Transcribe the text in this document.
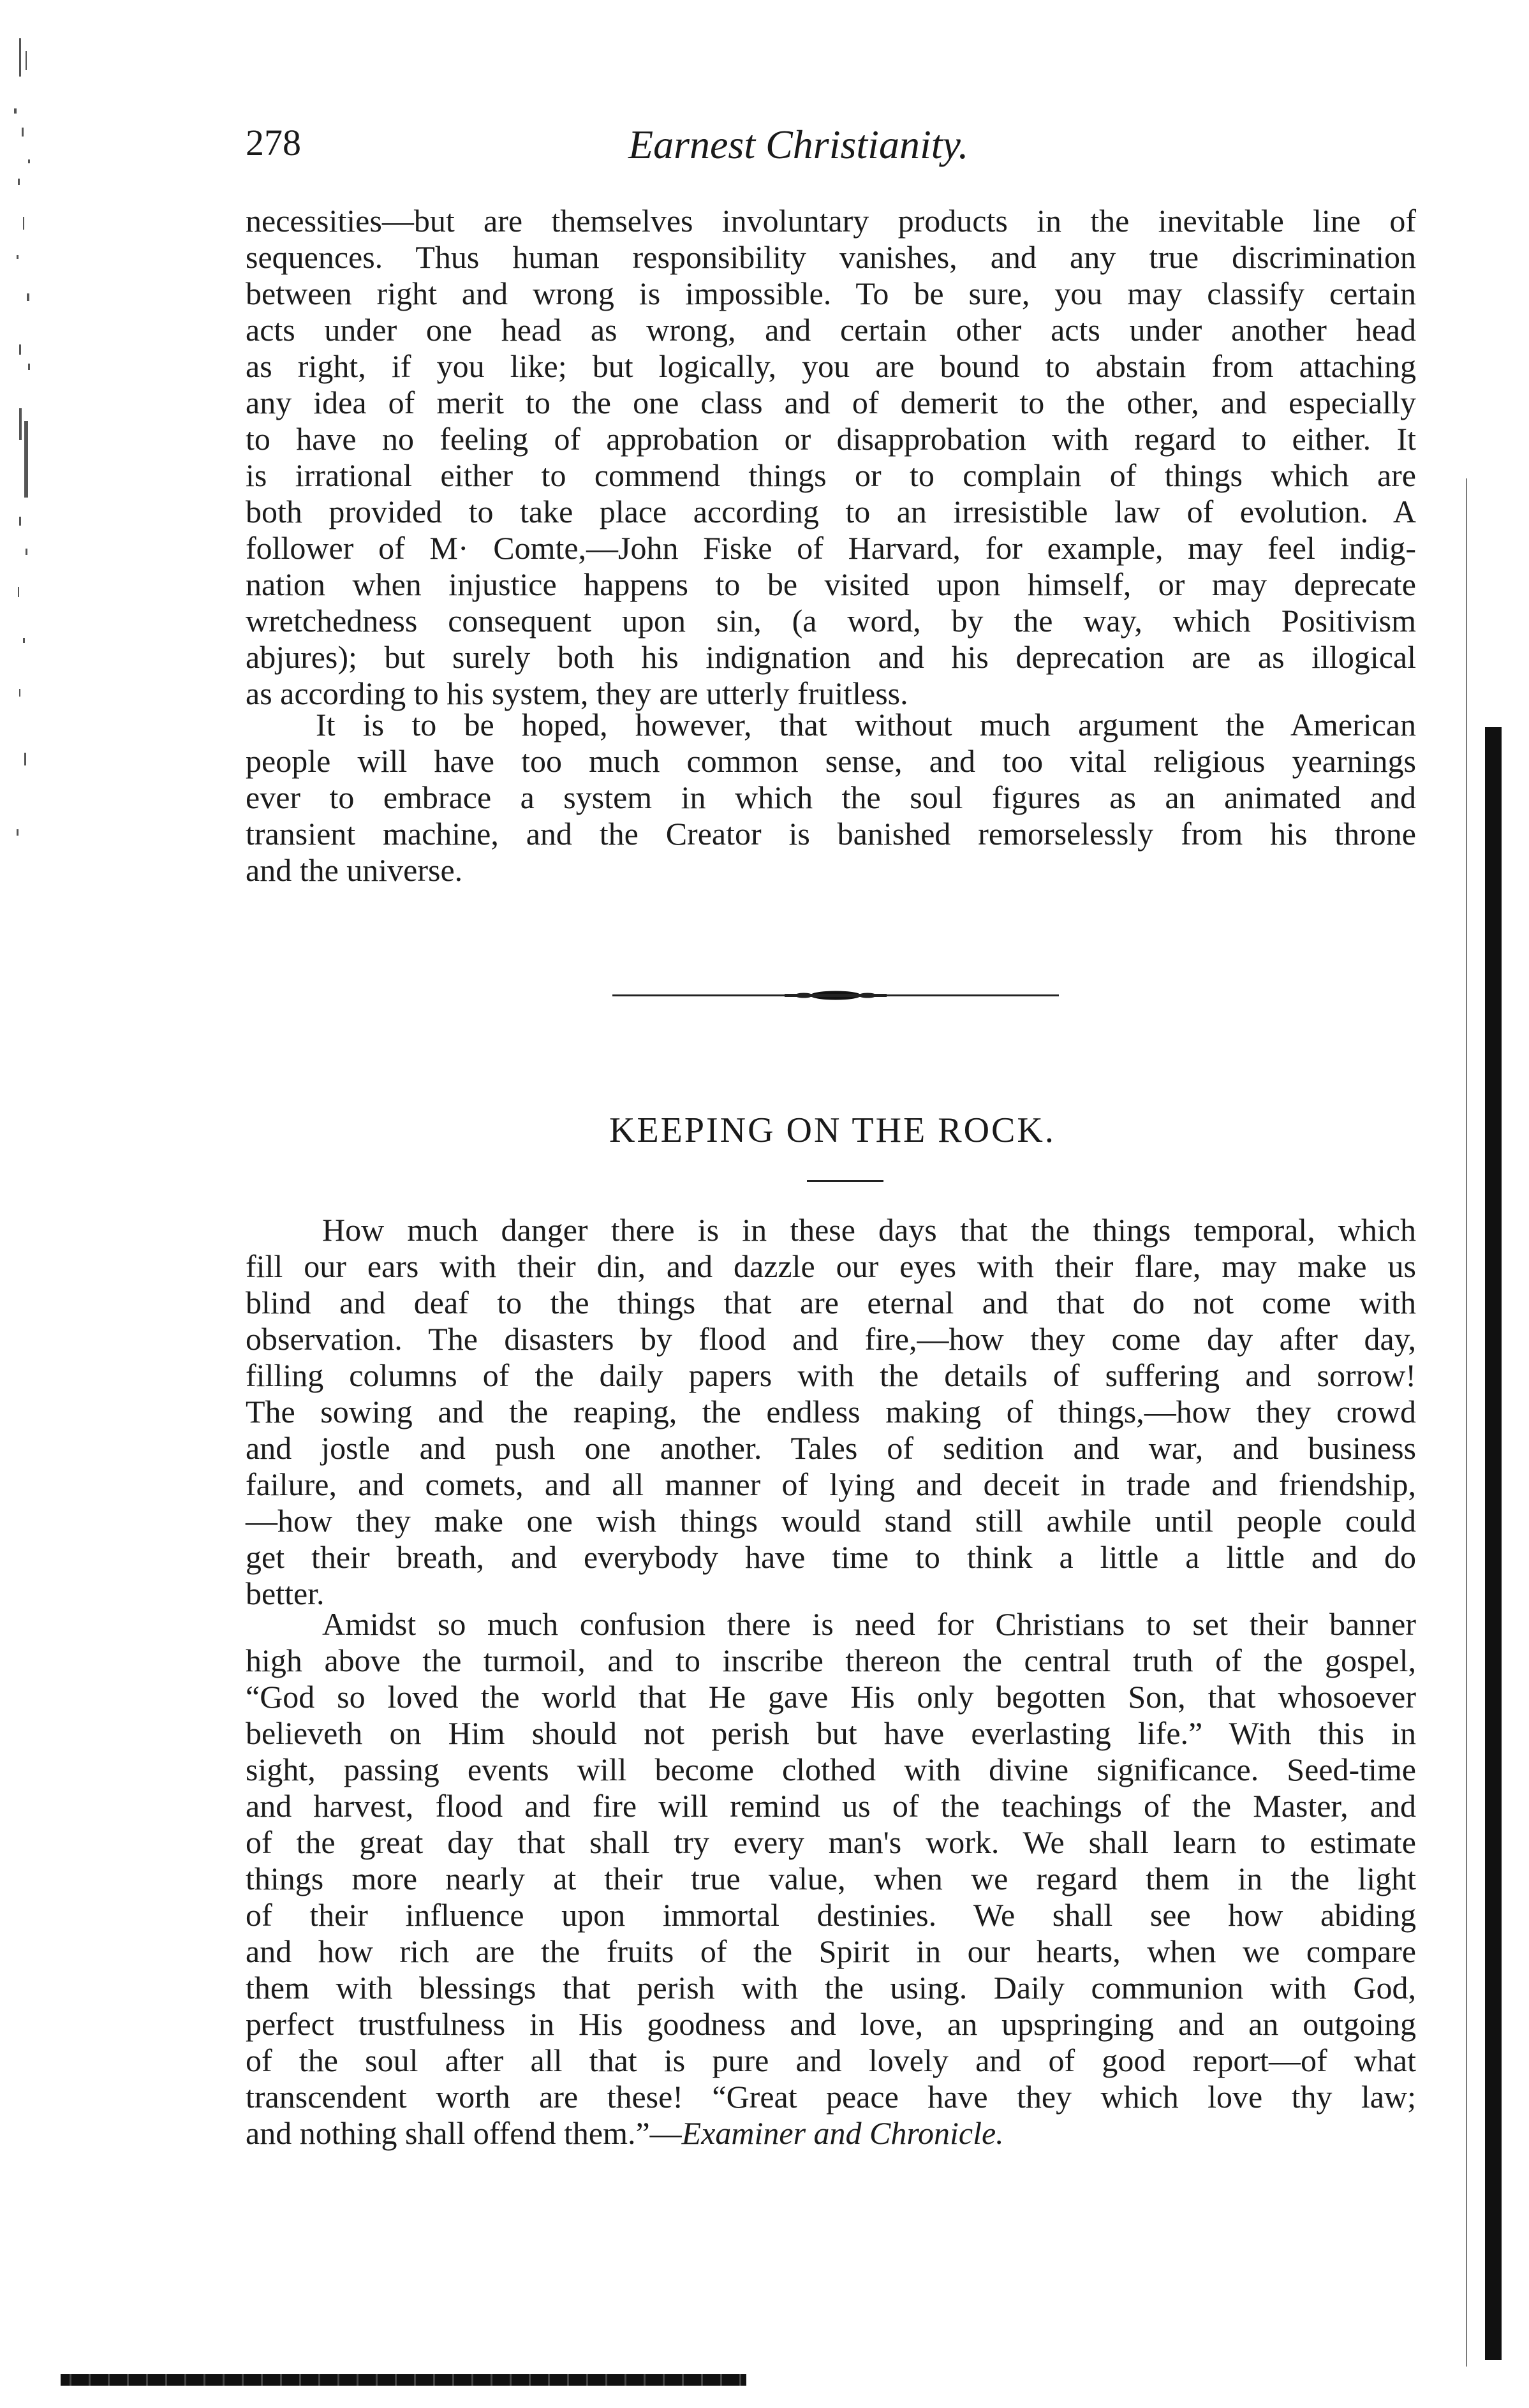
278	Earnest Christianity.
necessities—but are themselves involuntary products in the inevitable line of
sequences. Thus human responsibility vanishes, and any true discrimination
between right and wrong is impossible. To be sure, you may classify certain
acts under one head as wrong, and certain other acts under another head
as right, if you like; but logically, you are bound to abstain from attaching
any idea of merit to the one class and of demerit to the other, and especially
to have no feeling of approbation or disapprobation with regard to either. It
is irrational either to commend things or to complain of things which are
both provided to take place according to an irresistible law of evolution. A
follower of M· Comte,—John Fiske of Harvard, for example, may feel indig-
nation when injustice happens to be visited upon himself, or may deprecate
wretchedness consequent upon sin, (a word, by the way, which Positivism
abjures); but surely both his indignation and his deprecation are as illogical
as according to his system, they are utterly fruitless.
It is to be hoped, however, that without much argument the American
people will have too much common sense, and too vital religious yearnings
ever to embrace a system in which the soul figures as an animated and
transient machine, and the Creator is banished remorselessly from his throne
and the universe.
KEEPING ON THE ROCK.
How much danger there is in these days that the things temporal, which
fill our ears with their din, and dazzle our eyes with their flare, may make us
blind and deaf to the things that are eternal and that do not come with
observation. The disasters by flood and fire,—how they come day after day,
filling columns of the daily papers with the details of suffering and sorrow!
The sowing and the reaping, the endless making of things,—how they crowd
and jostle and push one another. Tales of sedition and war, and business
failure, and comets, and all manner of lying and deceit in trade and friendship,
—how they make one wish things would stand still awhile until people could
get their breath, and everybody have time to think a little a little and do
better.
Amidst so much confusion there is need for Christians to set their banner
high above the turmoil, and to inscribe thereon the central truth of the gospel,
“God so loved the world that He gave His only begotten Son, that whosoever
believeth on Him should not perish but have everlasting life.” With this in
sight, passing events will become clothed with divine significance. Seed-time
and harvest, flood and fire will remind us of the teachings of the Master, and
of the great day that shall try every man's work. We shall learn to estimate
things more nearly at their true value, when we regard them in the light
of their influence upon immortal destinies. We shall see how abiding
and how rich are the fruits of the Spirit in our hearts, when we compare
them with blessings that perish with the using. Daily communion with God,
perfect trustfulness in His goodness and love, an upspringing and an outgoing
of the soul after all that is pure and lovely and of good report—of what
transcendent worth are these! “Great peace have they which love thy law;
and nothing shall offend them.”—Examiner and Chronicle.
